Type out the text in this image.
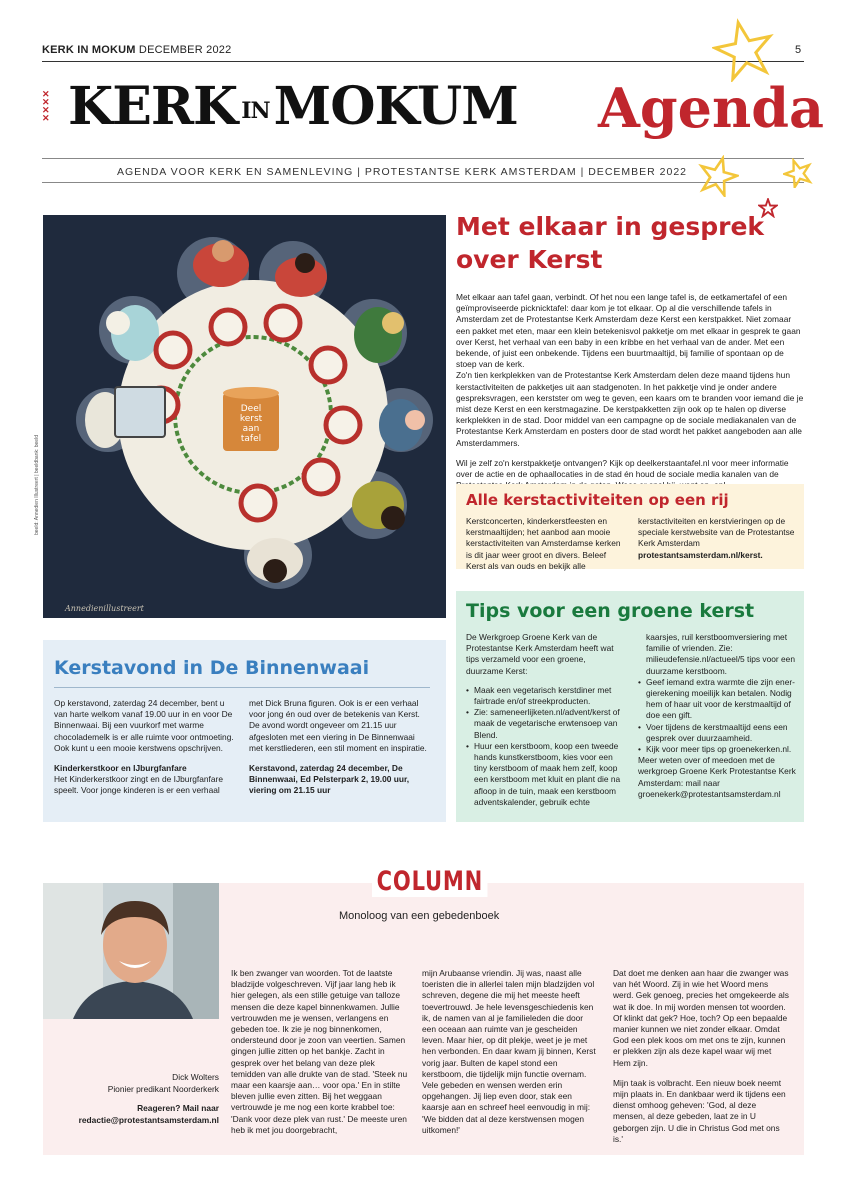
KERK IN MOKUM DECEMBER 2022	5
✕
✕
✕
✕ KERK INMOKUM Agenda
AGENDA VOOR KERK EN SAMENLEVING | PROTESTANTSE KERK AMSTERDAM | DECEMBER 2022
Deel
kerst
aan
tafel
Annedienillustreert
beeld: Annedien Illustreert | beeldbank: beeld
Met elkaar in gesprek
over Kerst

Met elkaar aan tafel gaan, verbindt. Of het nou een lange tafel is, de eetkamertafel of een geïmproviseerde picknicktafel: daar kom je tot elkaar. Op al die verschillende tafels in Amsterdam zet de Protestantse Kerk Amsterdam deze Kerst een kerstpakket. Niet zomaar een pakket met eten, maar een klein betekenisvol pakketje om met elkaar in gesprek te gaan over Kerst, het verhaal van een baby in een kribbe en het verhaal van de ander. Met een bekende, of juist een onbekende. Tijdens een buurtmaaltijd, bij familie of spontaan op de stoep van de kerk.

Zo'n tien kerkplekken van de Protestantse Kerk Amsterdam delen deze maand tijdens hun kerstactiviteiten de pakketjes uit aan stadgenoten. In het pakketje vind je onder andere gespreksvragen, een kerstster om weg te geven, een kaars om te branden voor iemand die je mist deze Kerst en een kerstmagazine. De kerstpakketten zijn ook op te halen op diverse kerkplekken in de stad. Door middel van een campagne op de sociale mediakanalen van de Protestantse Kerk Amsterdam en posters door de stad wordt het pakket aangeboden aan alle Amsterdammers.

Wil je zelf zo'n kerstpakketje ontvangen? Kijk op deelkerstaantafel.nl voor meer informatie over de actie en de ophaallocaties in de stad én houd de sociale media kanalen van de

Alle kerstactiviteiten op een rij
Kerstconcerten, kinderkerstfeesten en kerstmaaltijden; het aanbod aan mooie kerstactiviteiten van Amsterdamse kerken is dit jaar weer groot en divers. Beleef Kerst als van ouds en bekijk alle kerstactiviteiten en kerstvieringen op de speciale kerstwebsite van de Protestantse Kerk Amsterdam protestantsamsterdam.nl/kerst.
Kerstavond in De Binnenwaai

Op kerstavond, zaterdag 24 december, bent u van harte welkom vanaf 19.00 uur in en voor De Binnenwaai. Bij een vuurkorf met warme chocolademelk is er alle ruimte voor ontmoeting. Ook kunt u een mooie kerstwens opschrijven.

Kinderkerstkoor en IJburgfanfare

Het Kinderkerstkoor zingt en de IJburgfanfare speelt. Voor jonge kinderen is er een verhaal met Dick Bruna figuren. Ook is er een verhaal voor jong én oud over de betekenis van Kerst. De avond wordt ongeveer om 21.15 uur afgesloten met een viering in De Binnenwaai met kerstliederen, een stil moment en inspiratie.

Kerstavond, zaterdag 24 december, De Binnenwaai, Ed Pelsterpark 2, 19.00 uur, viering om 21.15 uur

Tips voor een groene kerst

De Werkgroep Groene Kerk van de Protestantse Kerk Amsterdam heeft wat tips verzameld voor een groene, duurzame Kerst:

• Maak een vegetarisch kerstdiner met fairtrade en/of streekproducten.
• Zie: sameneerlijketen.nl/advent/kerst of maak de vegetarische erwtensoep van Blend.
• Huur een kerstboom, koop een tweede hands kunstkerstboom, kies voor een tiny kerstboom of maak hem zelf, koop een kerstboom met kluit en plant die na afloop in de tuin, maak een kerstboom adventskalender, gebruik echte kaarsjes, ruil kerstboomversiering met familie of vrienden. Zie: milieudefensie.nl/actueel/5 tips voor een duurzame kerstboom.
• Geef iemand extra warmte die zijn energierekening moeilijk kan betalen. Nodig hem of haar uit voor de kerstmaaltijd of doe een gift.
• Voer tijdens de kerstmaaltijd eens een gesprek over duurzaamheid.
• Kijk voor meer tips op groenekerken.nl.

Meer weten over of meedoen met de werkgroep Groene Kerk Protestantse Kerk Amsterdam: mail naar groenekerk@protestantsamsterdam.nl

COLUMN
Monoloog van een gebedenboek
Dick Wolters
Pionier predikant Noorderkerk
Reageren? Mail naar
redactie@protestantsamsterdam.nl
Ik ben zwanger van woorden. Tot de laatste bladzijde volgeschreven. Vijf jaar lang heb ik hier gelegen, als een stille getuige van talloze mensen die deze kapel binnenkwamen. Jullie vertrouwden me je wensen, verlangens en gebeden toe. Ik zie je nog binnenkomen, ondersteund door je zoon van veertien. Samen gingen jullie zitten op het bankje. Zacht in gesprek over het belang van deze plek temidden van alle drukte van de stad. 'Steek nu maar een kaarsje aan… voor opa.' En in stilte bleven jullie even zitten. Bij het weggaan vertrouwde je me nog een korte krabbel toe: 'Dank voor deze plek van rust.' De meeste uren heb ik met jou doorgebracht,
mijn Arubaanse vriendin. Jij was, naast alle toeristen die in allerlei talen mijn bladzijden vol schreven, degene die mij het meeste heeft toevertrouwd. Je hele levensgeschiedenis ken ik, de namen van al je familieleden die door een oceaan aan ruimte van je gescheiden leven. Maar hier, op dit plekje, weet je je met hen verbonden. En daar kwam jij binnen, Kerst vorig jaar. Bulten de kapel stond een kerstboom, die tijdelijk mijn functie overnam. Vele gebeden en wensen werden erin opgehangen. Jij liep even door, stak een kaarsje aan en schreef heel eenvoudig in mij: 'We bidden dat al deze kerstwensen mogen uitkomen!'

Dat doet me denken aan haar die zwanger was van hét Woord. Zij in wie het Woord mens werd. Gek genoeg, precies het omgekeerde als wat ik doe. In mij worden mensen tot woorden. Of klinkt dat gek? Hoe, toch? Op een bepaalde manier kunnen we niet zonder elkaar. Omdat God een plek koos om met ons te zijn, kunnen er plekken zijn als deze kapel waar wij met Hem zijn.

Mijn taak is volbracht. Een nieuw boek neemt mijn plaats in. En dankbaar werd ik tijdens een dienst omhoog geheven: 'God, al deze mensen, al deze gebeden, laat ze in U geborgen zijn. U die in Christus God met ons is.'
